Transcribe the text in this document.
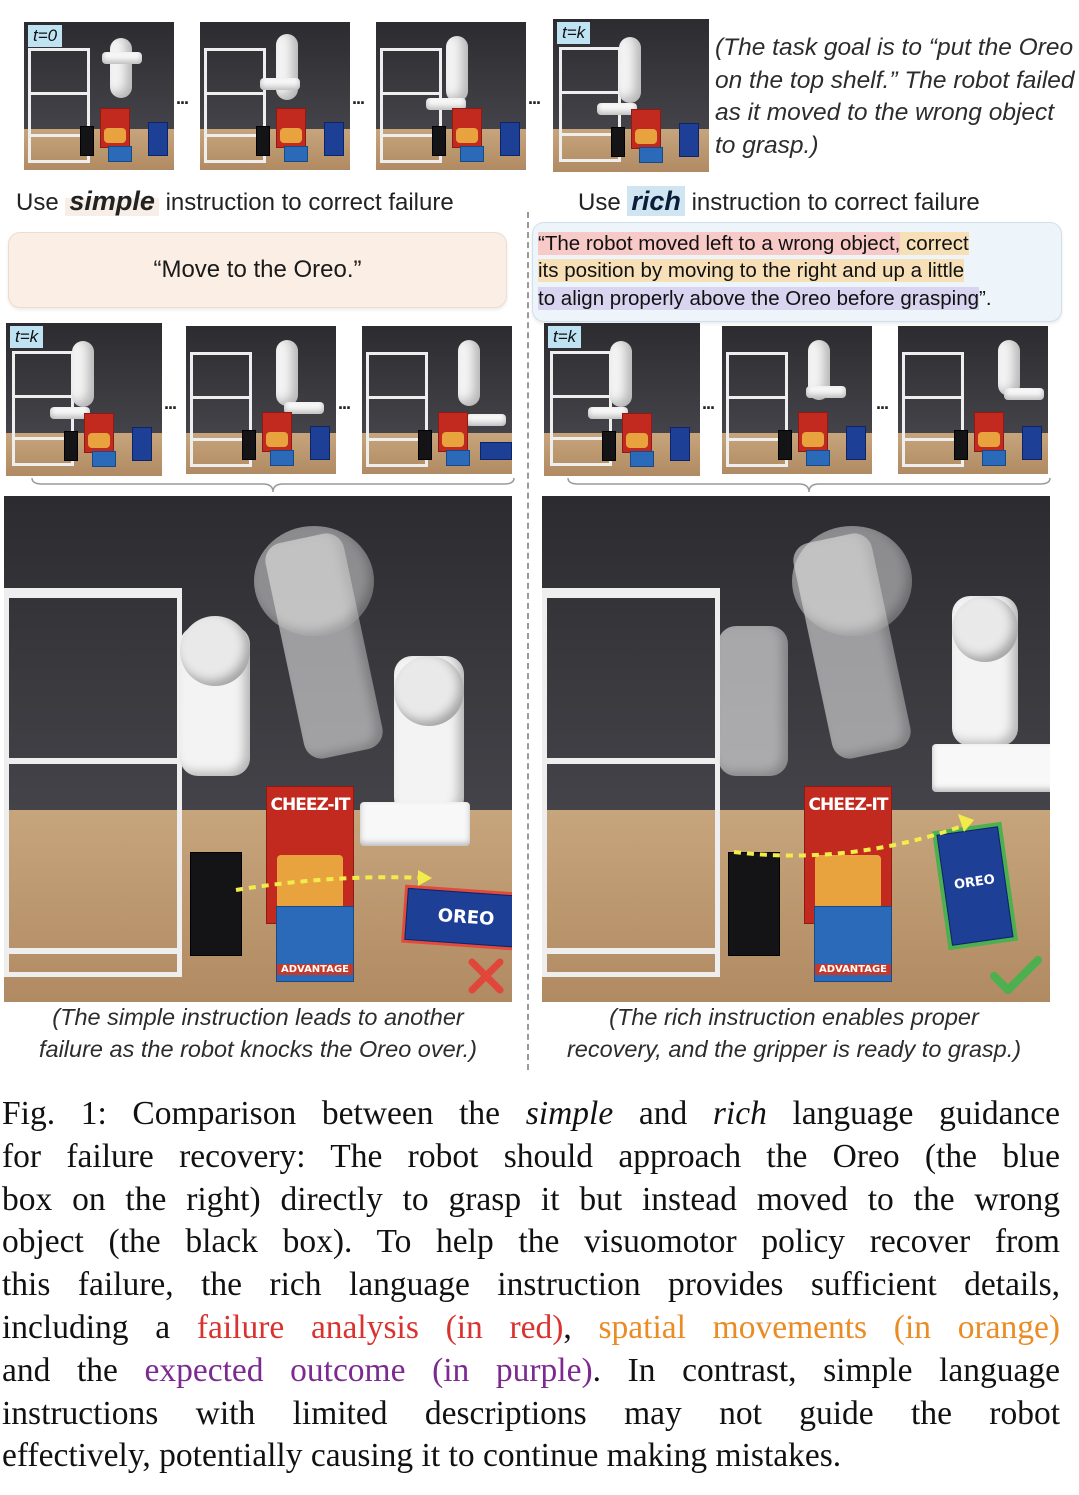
t=0
...	...	...
t=k
(The task goal is to “put the Oreo on the top shelf.” The robot failed as it moved to the wrong object to grasp.)
Use simple instruction to correct failure	Use rich instruction to correct failure
“Move to the Oreo.”
“The robot moved left to a wrong object, correct
its position by moving to the right and up a little
to align properly above the Oreo before grasping”.
t=k
...	...
t=k
...	...
CHEEZ-IT
ADVANTAGE
OREO
CHEEZ-IT
ADVANTAGE
OREO
(The simple instruction leads to another
failure as the robot knocks the Oreo over.)
(The rich instruction enables proper
recovery, and the gripper is ready to grasp.)
Fig. 1: Comparison between the simple and rich language guidance
for failure recovery: The robot should approach the Oreo (the blue
box on the right) directly to grasp it but instead moved to the wrong
object (the black box). To help the visuomotor policy recover from
this failure, the rich language instruction provides sufficient details,
including a failure analysis (in red), spatial movements (in orange)
and the expected outcome (in purple). In contrast, simple language
instructions with limited descriptions may not guide the robot
effectively, potentially causing it to continue making mistakes.
